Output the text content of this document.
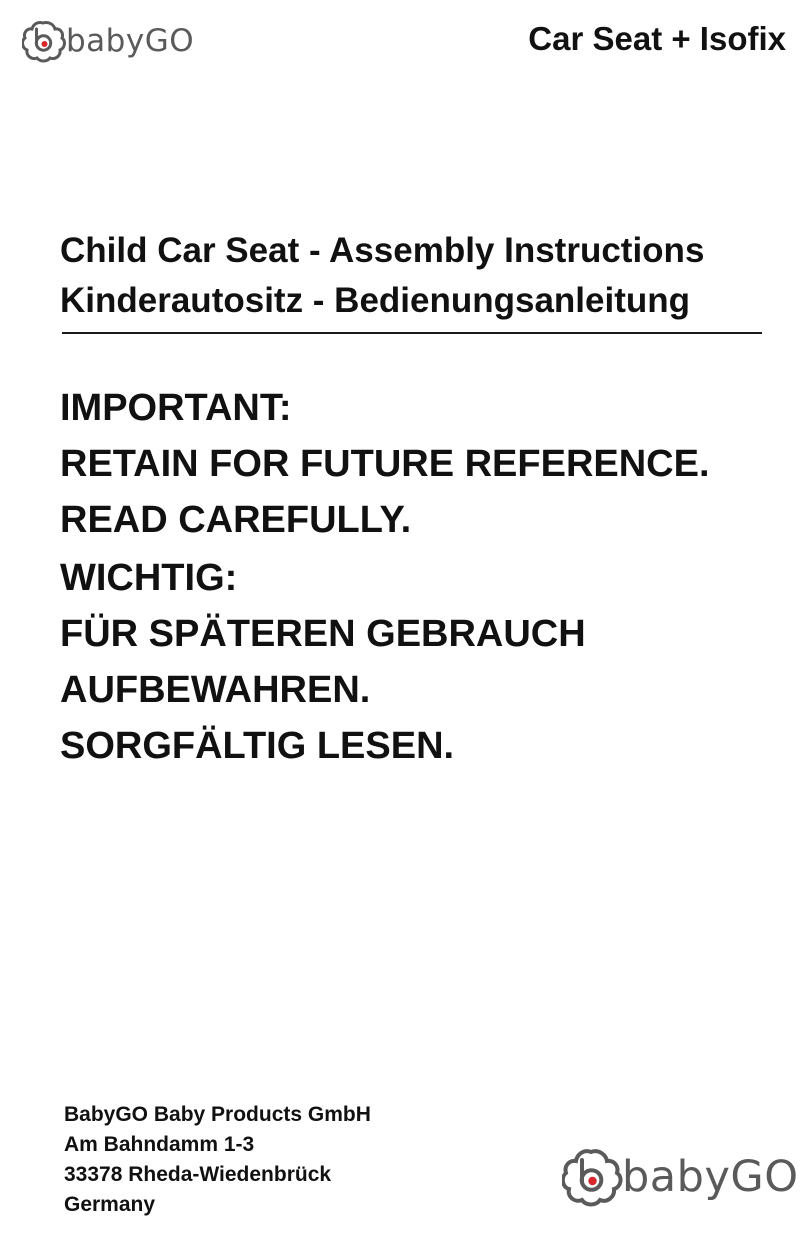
babyGO	Car Seat + Isofix
Child Car Seat - Assembly Instructions
Kinderautositz - Bedienungsanleitung
IMPORTANT:
RETAIN FOR FUTURE REFERENCE.
READ CAREFULLY.
WICHTIG:
FÜR SPÄTEREN GEBRAUCH
AUFBEWAHREN.
SORGFÄLTIG LESEN.
BabyGO Baby Products GmbH
Am Bahndamm 1-3
33378 Rheda-Wiedenbrück
Germany
babyGO
